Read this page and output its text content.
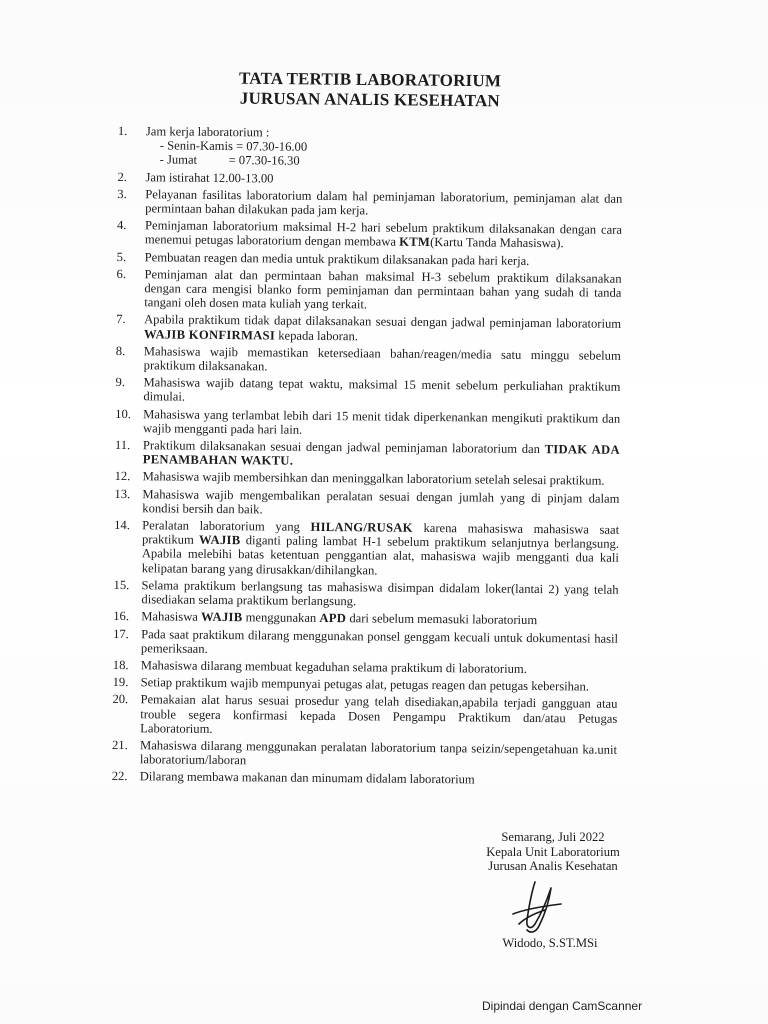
TATA TERTIB LABORATORIUM
JURUSAN ANALIS KESEHATAN
1. Jam kerja laboratorium :
- Senin-Kamis = 07.30-16.00
- Jumat          = 07.30-16.30
2. Jam istirahat 12.00-13.00
3. Pelayanan fasilitas laboratorium dalam hal peminjaman laboratorium, peminjaman alat dan permintaan bahan dilakukan pada jam kerja.
4. Peminjaman laboratorium maksimal H-2 hari sebelum praktikum dilaksanakan dengan cara menemui petugas laboratorium dengan membawa KTM(Kartu Tanda Mahasiswa).
5. Pembuatan reagen dan media untuk praktikum dilaksanakan pada hari kerja.
6. Peminjaman alat dan permintaan bahan maksimal H-3 sebelum praktikum dilaksanakan dengan cara mengisi blanko form peminjaman dan permintaan bahan yang sudah di tanda tangani oleh dosen mata kuliah yang terkait.
7. Apabila praktikum tidak dapat dilaksanakan sesuai dengan jadwal peminjaman laboratorium WAJIB KONFIRMASI kepada laboran.
8. Mahasiswa wajib memastikan ketersediaan bahan/reagen/media satu minggu sebelum praktikum dilaksanakan.
9. Mahasiswa wajib datang tepat waktu, maksimal 15 menit sebelum perkuliahan praktikum dimulai.
10. Mahasiswa yang terlambat lebih dari 15 menit tidak diperkenankan mengikuti praktikum dan wajib mengganti pada hari lain.
11. Praktikum dilaksanakan sesuai dengan jadwal peminjaman laboratorium dan TIDAK ADA PENAMBAHAN WAKTU.
12. Mahasiswa wajib membersihkan dan meninggalkan laboratorium setelah selesai praktikum.
13. Mahasiswa wajib mengembalikan peralatan sesuai dengan jumlah yang di pinjam dalam kondisi bersih dan baik.
14. Peralatan laboratorium yang HILANG/RUSAK karena mahasiswa mahasiswa saat praktikum WAJIB diganti paling lambat H-1 sebelum praktikum selanjutnya berlangsung. Apabila melebihi batas ketentuan penggantian alat, mahasiswa wajib mengganti dua kali kelipatan barang yang dirusakkan/dihilangkan.
15. Selama praktikum berlangsung tas mahasiswa disimpan didalam loker(lantai 2) yang telah disediakan selama praktikum berlangsung.
16. Mahasiswa WAJIB menggunakan APD dari sebelum memasuki laboratorium
17. Pada saat praktikum dilarang menggunakan ponsel genggam kecuali untuk dokumentasi hasil pemeriksaan.
18. Mahasiswa dilarang membuat kegaduhan selama praktikum di laboratorium.
19. Setiap praktikum wajib mempunyai petugas alat, petugas reagen dan petugas kebersihan.
20. Pemakaian alat harus sesuai prosedur yang telah disediakan,apabila terjadi gangguan atau trouble segera konfirmasi kepada Dosen Pengampu Praktikum dan/atau Petugas Laboratorium.
21. Mahasiswa dilarang menggunakan peralatan laboratorium tanpa seizin/sepengetahuan ka.unit laboratorium/laboran
22. Dilarang membawa makanan dan minumam didalam laboratorium
Semarang, Juli 2022
Kepala Unit Laboratorium
Jurusan Analis Kesehatan
Widodo, S.ST.MSi
Dipindai dengan CamScanner
